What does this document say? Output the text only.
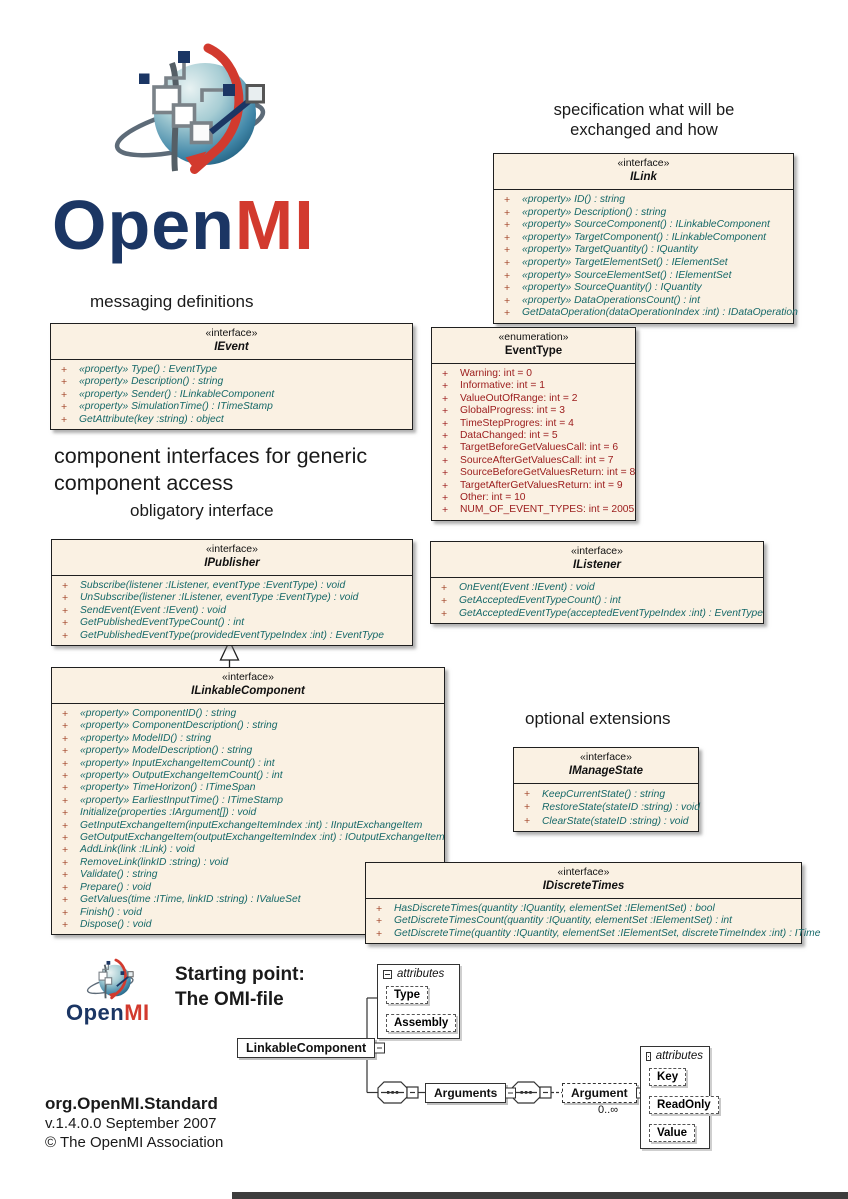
OpenMI
specification what will be
exchanged and how
messaging definitions
component interfaces for generic
component access
obligatory interface
optional extensions
Starting point:
The OMI-file
«interface»
ILink
+	«property» ID() : string
+	«property» Description() : string
+	«property» SourceComponent() : ILinkableComponent
+	«property» TargetComponent() : ILinkableComponent
+	«property» TargetQuantity() : IQuantity
+	«property» TargetElementSet() : IElementSet
+	«property» SourceElementSet() : IElementSet
+	«property» SourceQuantity() : IQuantity
+	«property» DataOperationsCount() : int
+	GetDataOperation(dataOperationIndex :int) : IDataOperation
«interface»
IEvent
+	«property» Type() : EventType
+	«property» Description() : string
+	«property» Sender() : ILinkableComponent
+	«property» SimulationTime() : ITimeStamp
+	GetAttribute(key :string) : object
«enumeration»
EventType
+	Warning: int = 0
+	Informative: int = 1
+	ValueOutOfRange: int = 2
+	GlobalProgress: int = 3
+	TimeStepProgres: int = 4
+	DataChanged: int = 5
+	TargetBeforeGetValuesCall: int = 6
+	SourceAfterGetValuesCall: int = 7
+	SourceBeforeGetValuesReturn: int = 8
+	TargetAfterGetValuesReturn: int = 9
+	Other: int = 10
+	NUM_OF_EVENT_TYPES: int = 2005
«interface»
IPublisher
+	Subscribe(listener :IListener, eventType :EventType) : void
+	UnSubscribe(listener :IListener, eventType :EventType) : void
+	SendEvent(Event :IEvent) : void
+	GetPublishedEventTypeCount() : int
+	GetPublishedEventType(providedEventTypeIndex :int) : EventType
«interface»
IListener
+	OnEvent(Event :IEvent) : void
+	GetAcceptedEventTypeCount() : int
+	GetAcceptedEventType(acceptedEventTypeIndex :int) : EventType
«interface»
ILinkableComponent
+	«property» ComponentID() : string
+	«property» ComponentDescription() : string
+	«property» ModelID() : string
+	«property» ModelDescription() : string
+	«property» InputExchangeItemCount() : int
+	«property» OutputExchangeItemCount() : int
+	«property» TimeHorizon() : ITimeSpan
+	«property» EarliestInputTime() : ITimeStamp
+	Initialize(properties :IArgument[]) : void
+	GetInputExchangeItem(inputExchangeItemIndex :int) : IInputExchangeItem
+	GetOutputExchangeItem(outputExchangeItemIndex :int) : IOutputExchangeItem
+	AddLink(link :ILink) : void
+	RemoveLink(linkID :string) : void
+	Validate() : string
+	Prepare() : void
+	GetValues(time :ITime, linkID :string) : IValueSet
+	Finish() : void
+	Dispose() : void
«interface»
IManageState
+	KeepCurrentState() : string
+	RestoreState(stateID :string) : void
+	ClearState(stateID :string) : void
«interface»
IDiscreteTimes
+	HasDiscreteTimes(quantity :IQuantity, elementSet :IElementSet) : bool
+	GetDiscreteTimesCount(quantity :IQuantity, elementSet :IElementSet) : int
+	GetDiscreteTime(quantity :IQuantity, elementSet :IElementSet, discreteTimeIndex :int) : ITime
OpenMI
attributes
Type
Assembly
LinkableComponent
Arguments	Argument
0..∞
attributes
Key
ReadOnly
Value
org.OpenMI.Standard
v.1.4.0.0 September 2007
© The OpenMI Association
